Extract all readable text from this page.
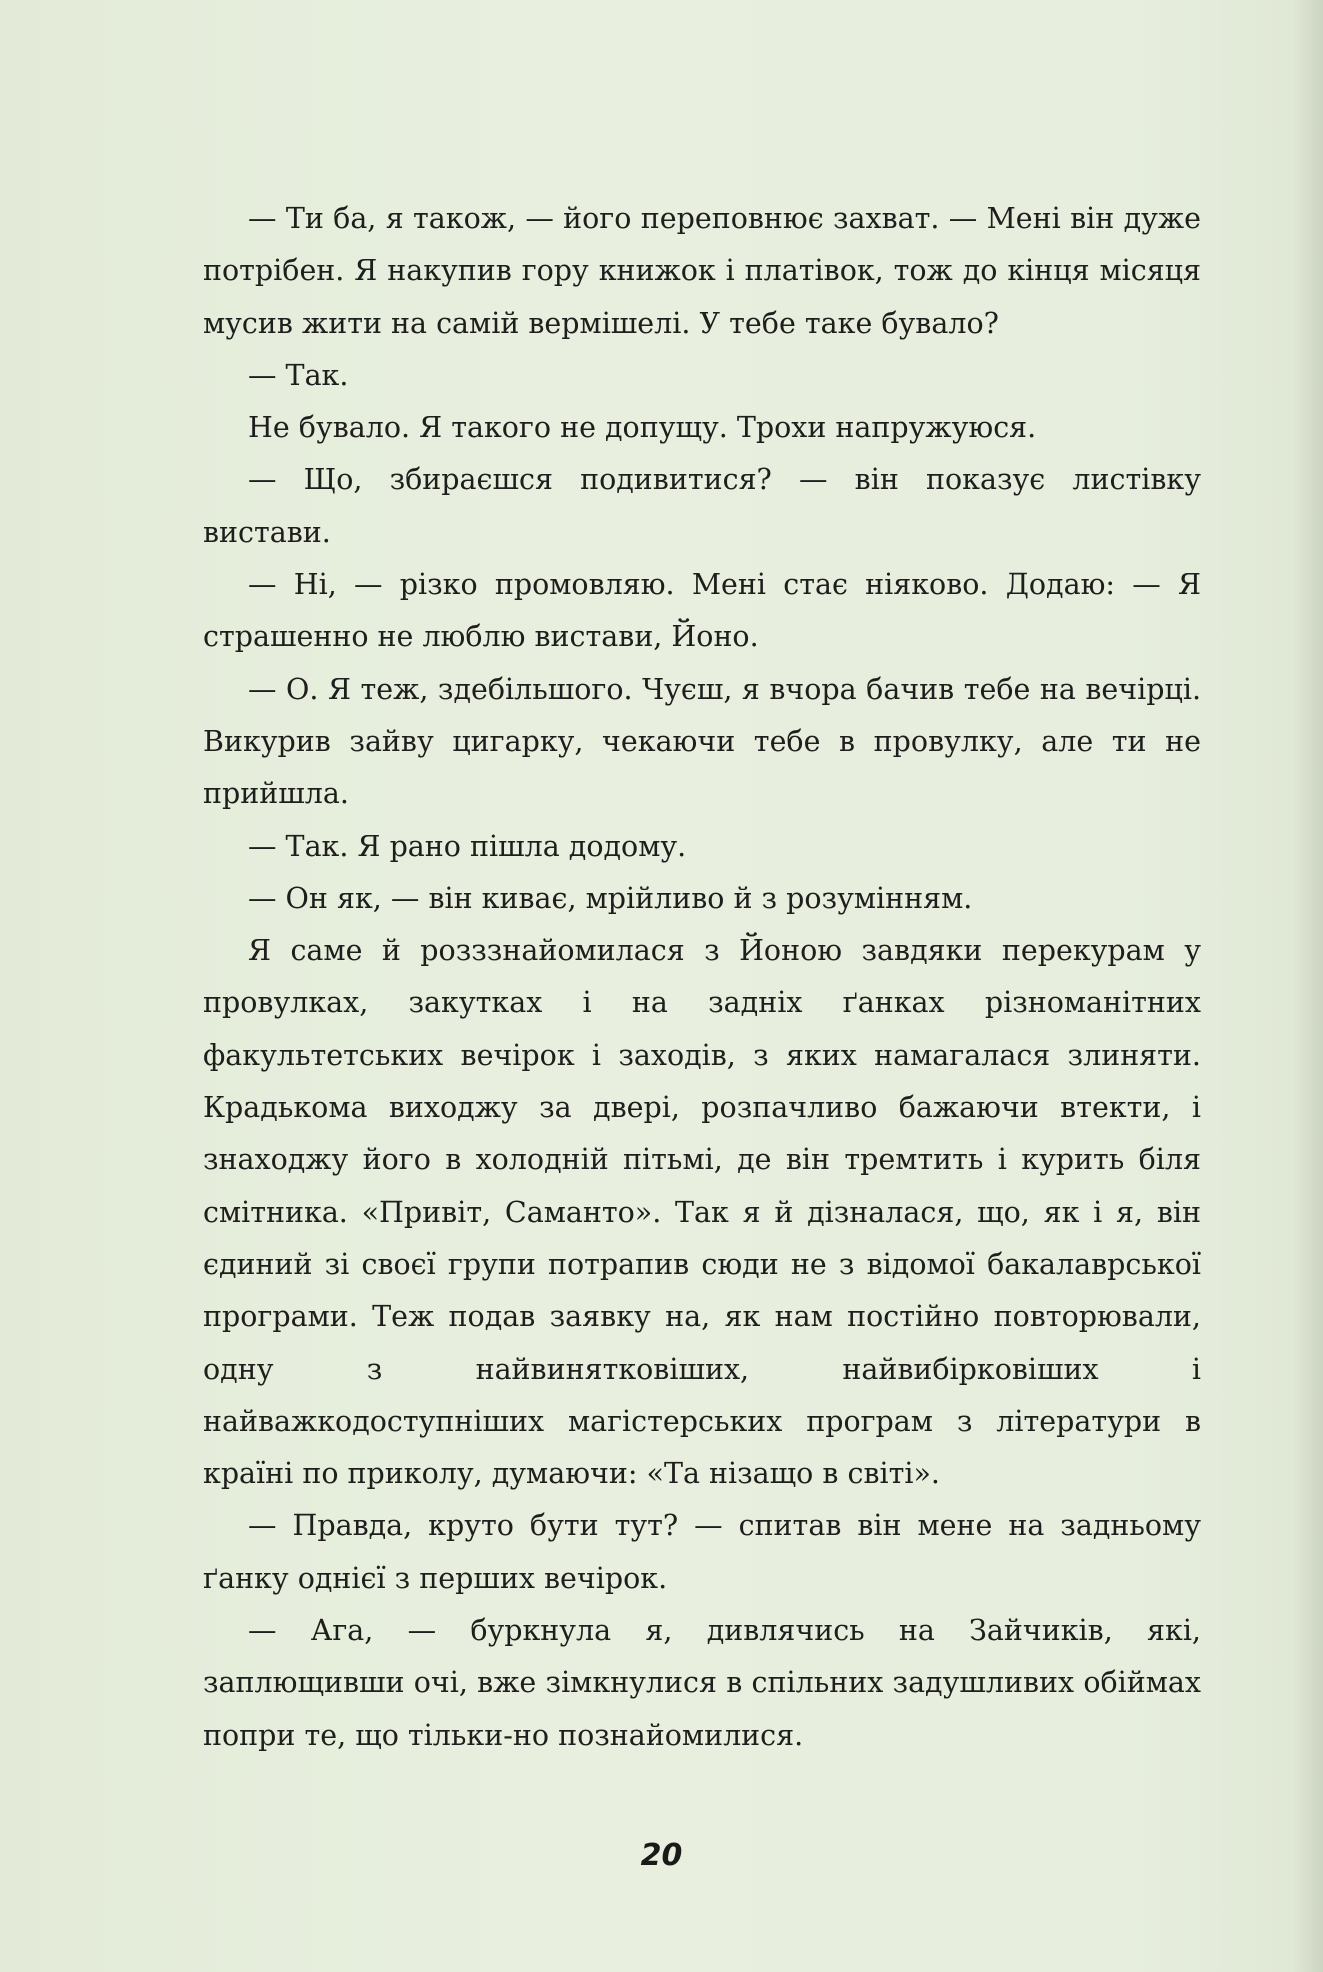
— Ти ба, я також, — його переповнює захват. — Мені він дуже потрібен. Я накупив гору книжок і платівок, тож до кінця місяця мусив жити на самій вермішелі. У тебе таке бувало?

— Так.

Не бувало. Я такого не допущу. Трохи напружуюся.

— Що, збираєшся подивитися? — він показує листівку вистави.

— Ні, — різко промовляю. Мені стає ніяково. Додаю: — Я страшенно не люблю вистави, Йоно.

— О. Я теж, здебільшого. Чуєш, я вчора бачив тебе на вечірці. Викурив зайву цигарку, чекаючи тебе в провулку, але ти не прийшла.

— Так. Я рано пішла додому.

— Он як, — він киває, мрійливо й з розумінням.

Я саме й розззнайомилася з Йоною завдяки перекурам у провулках, закутках і на задніх ґанках різноманітних факультетських вечірок і заходів, з яких намагалася злиняти. Крадькома виходжу за двері, розпачливо бажаючи втекти, і знаходжу його в холодній пітьмі, де він тремтить і курить біля смітника. «Привіт, Саманто». Так я й дізналася, що, як і я, він єдиний зі своєї групи потрапив сюди не з відомої бакалаврської програми. Теж подав заявку на, як нам постійно повторювали, одну з найвинятковіших, найвибірковіших і найважкодоступніших магістерських програм з літератури в країні по приколу, думаючи: «Та нізащо в світі».

— Правда, круто бути тут? — спитав він мене на задньому ґанку однієї з перших вечірок.

— Ага, — буркнула я, дивлячись на Зайчиків, які, заплющивши очі, вже зімкнулися в спільних задушливих обіймах попри те, що тільки-но познайомилися.

20
